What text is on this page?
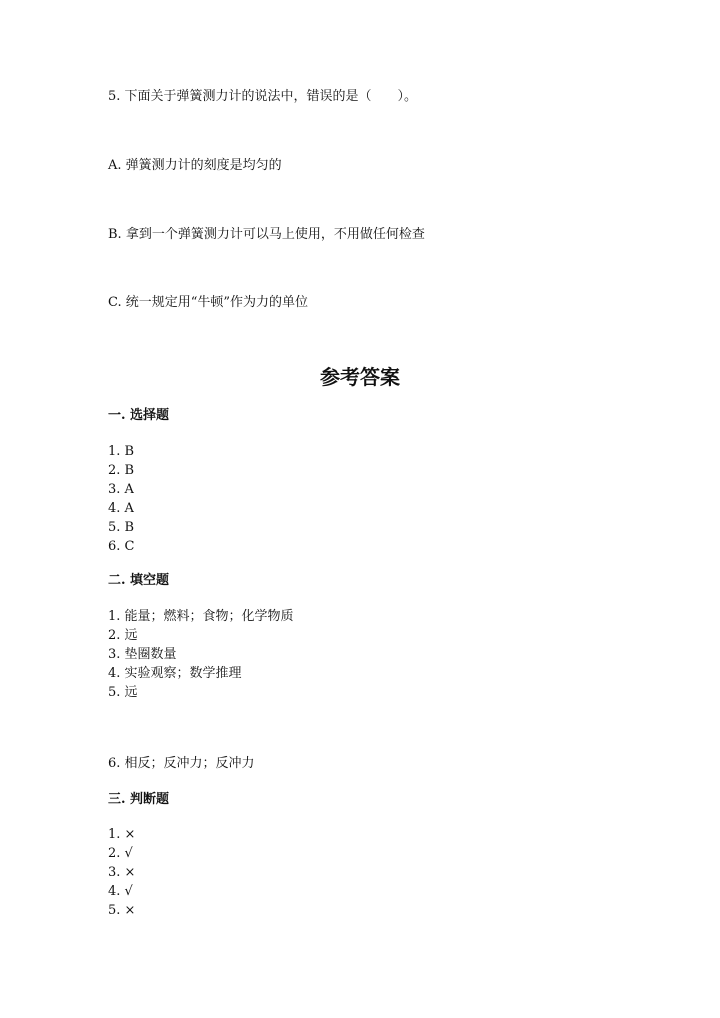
5. 下面关于弹簧测力计的说法中，错误的是（　　）。
A. 弹簧测力计的刻度是均匀的
B. 拿到一个弹簧测力计可以马上使用，不用做任何检查
C. 统一规定用“牛顿”作为力的单位
参考答案
一. 选择题
1. B
2. B
3. A
4. A
5. B
6. C
二. 填空题
1. 能量；燃料；食物；化学物质
2. 远
3. 垫圈数量
4. 实验观察；数学推理
5. 远
6. 相反；反冲力；反冲力
三. 判断题
1. ×
2. √
3. ×
4. √
5. ×
